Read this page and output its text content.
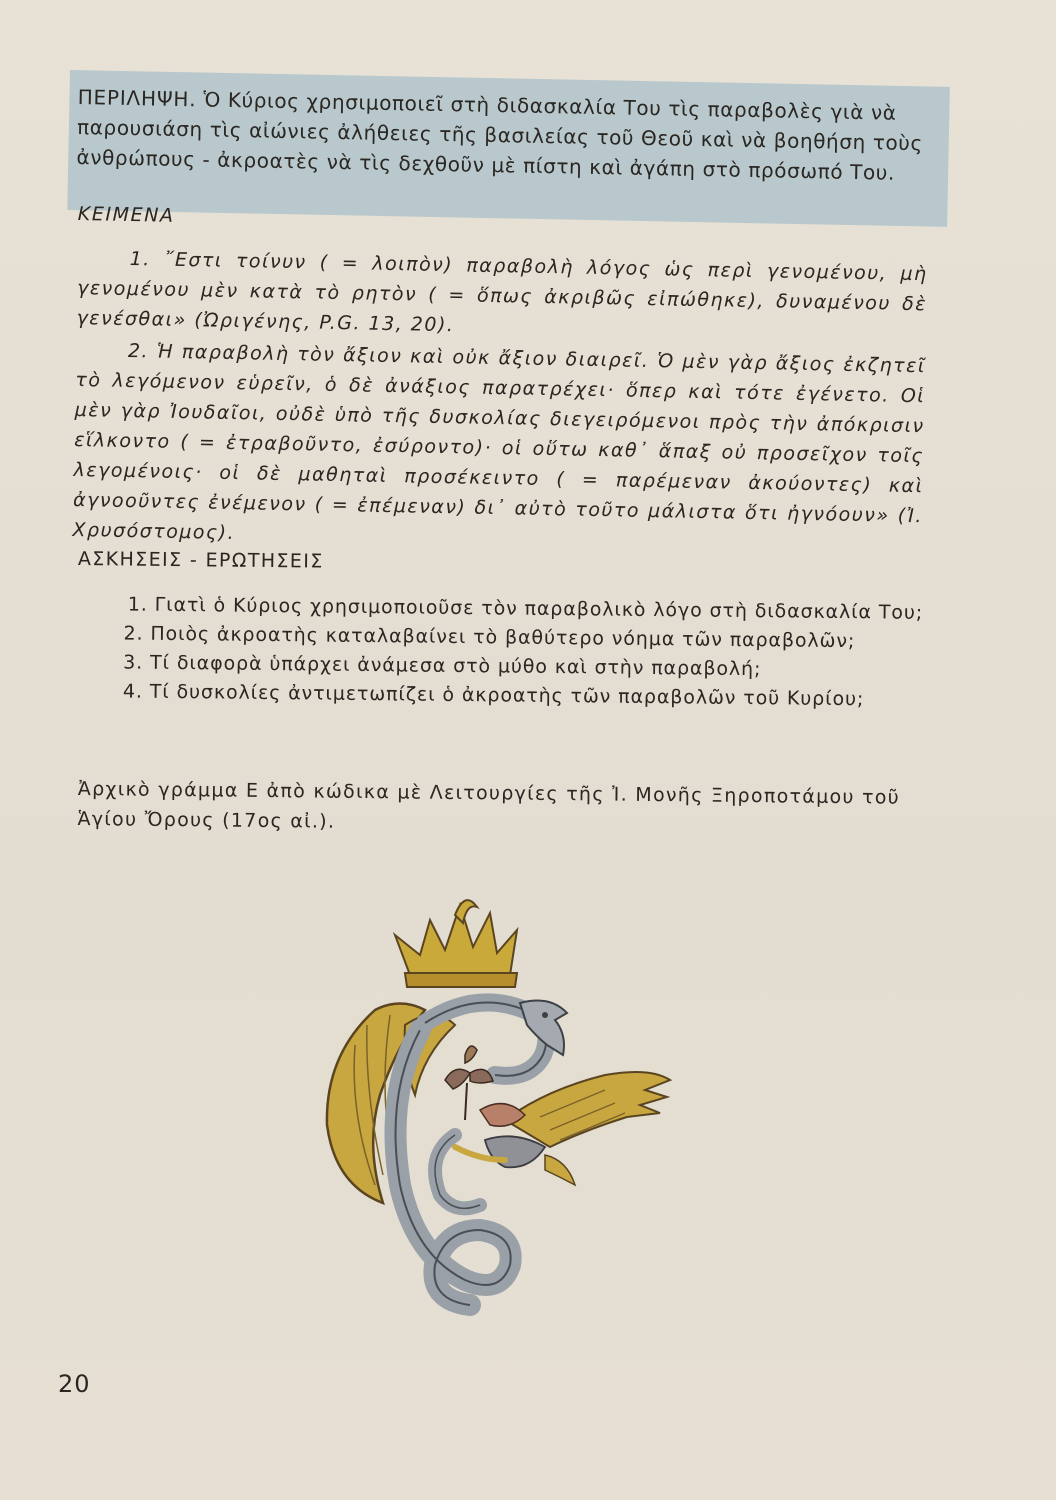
ΠΕΡΙΛΗΨΗ. Ὁ Κύριος χρησιμοποιεῖ στὴ διδασκαλία Του τὶς παραβολὲς γιὰ νὰ παρουσιάση τὶς αἰώνιες ἀλήθειες τῆς βασιλείας τοῦ Θεοῦ καὶ νὰ βοηθήση τοὺς ἀνθρώπους - ἀκροατὲς νὰ τὶς δεχθοῦν μὲ πίστη καὶ ἀγάπη στὸ πρόσωπό Του.
ΚΕΙΜΕΝΑ

1. ῎Εστι τοίνυν ( = λοιπὸν) παραβολὴ λόγος ὡς περὶ γενομένου, μὴ γενομένου μὲν κατὰ τὸ ρητὸν ( = ὅπως ἀκριβῶς εἰπώθηκε), δυναμένου δὲ γενέσθαι» (Ὠριγένης, P.G. 13, 20).

2. Ἡ παραβολὴ τὸν ἄξιον καὶ οὐκ ἄξιον διαιρεῖ. Ὁ μὲν γὰρ ἄξιος ἐκζητεῖ τὸ λεγόμενον εὑρεῖν, ὁ δὲ ἀνάξιος παρατρέχει· ὅπερ καὶ τότε ἐγένετο. Οἱ μὲν γὰρ Ἰουδαῖοι, οὐδὲ ὑπὸ τῆς δυσκολίας διεγειρόμενοι πρὸς τὴν ἀπόκρισιν εἵλκοντο ( = ἐτραβοῦντο, ἐσύροντο)· οἱ οὕτω καθ᾽ ἅπαξ οὐ προσεῖχον τοῖς λεγομένοις· οἱ δὲ μαθηταὶ προσέκειντο ( = παρέμεναν ἀκούοντες) καὶ ἀγνοοῦντες ἐνέμενον ( = ἐπέμεναν) δι᾽ αὐτὸ τοῦτο μάλιστα ὅτι ἠγνόουν» (Ἰ. Χρυσόστομος).

ΑΣΚΗΣΕΙΣ - ΕΡΩΤΗΣΕΙΣ

1. Γιατὶ ὁ Κύριος χρησιμοποιοῦσε τὸν παραβολικὸ λόγο στὴ διδασκαλία Του;

2. Ποιὸς ἀκροατὴς καταλαβαίνει τὸ βαθύτερο νόημα τῶν παραβολῶν;

3. Τί διαφορὰ ὑπάρχει ἀνάμεσα στὸ μύθο καὶ στὴν παραβολή;

4. Τί δυσκολίες ἀντιμετωπίζει ὁ ἀκροατὴς τῶν παραβολῶν τοῦ Κυρίου;

Ἀρχικὸ γράμμα Ε ἀπὸ κώδικα μὲ Λειτουργίες τῆς Ἰ. Μονῆς Ξηροποτάμου τοῦ Ἁγίου Ὄρους (17ος αἰ.).
20
